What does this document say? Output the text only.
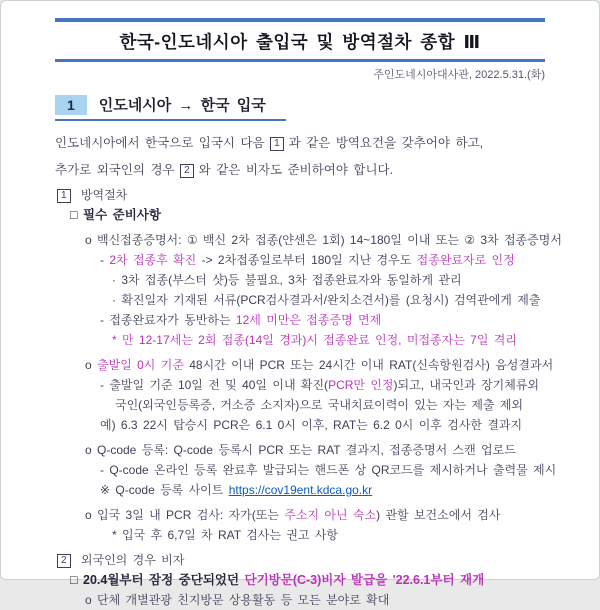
한국-인도네시아 출입국 및 방역절차 종합 Ⅲ
주인도네시아대사관, 2022.5.31.(화)
1 인도네시아 → 한국 입국
인도네시아에서 한국으로 입국시 다음 1 과 같은 방역요건을 갖추어야 하고,
추가로 외국인의 경우 2 와 같은 비자도 준비하여야 합니다.
1 방역절차
□ 필수 준비사항
o 백신접종증명서: ① 백신 2차 접종(얀센은 1회) 14~180일 이내 또는 ② 3차 접종증명서
- 2차 접종후 확진 -> 2차접종일로부터 180일 지난 경우도 접종완료자로 인정
· 3차 접종(부스터 샷)등 불필요, 3차 접종완료자와 동일하게 관리
· 확진일자 기재된 서류(PCR검사결과서/완치소견서)를 (요청시) 검역관에게 제출
- 접종완료자가 동반하는 12세 미만은 접종증명 면제
* 만 12-17세는 2회 접종(14일 경과)시 접종완료 인정, 미접종자는 7일 격리
o 출발일 0시 기준 48시간 이내 PCR 또는 24시간 이내 RAT(신속항원검사) 음성결과서
- 출발일 기준 10일 전 및 40일 이내 확진(PCR만 인정)되고, 내국인과 장기체류외
국인(외국인등록증, 거소증 소지자)으로 국내치료이력이 있는 자는 제출 제외
예) 6.3 22시 탑승시 PCR은 6.1 0시 이후, RAT는 6.2 0시 이후 검사한 결과지
o Q-code 등록: Q-code 등록시 PCR 또는 RAT 결과지, 접종증명서 스캔 업로드
- Q-code 온라인 등록 완료후 발급되는 핸드폰 상 QR코드를 제시하거나 출력물 제시
※ Q-code 등록 사이트 https://cov19ent.kdca.go.kr
o 입국 3일 내 PCR 검사: 자가(또는 주소지 아닌 숙소) 관할 보건소에서 검사
* 입국 후 6,7일 차 RAT 검사는 권고 사항
2 외국인의 경우 비자
□ 20.4월부터 잠정 중단되었던 단기방문(C-3)비자 발급을 '22.6.1부터 재개
o 단체 개별관광 친지방문 상용활동 등 모든 분야로 확대
